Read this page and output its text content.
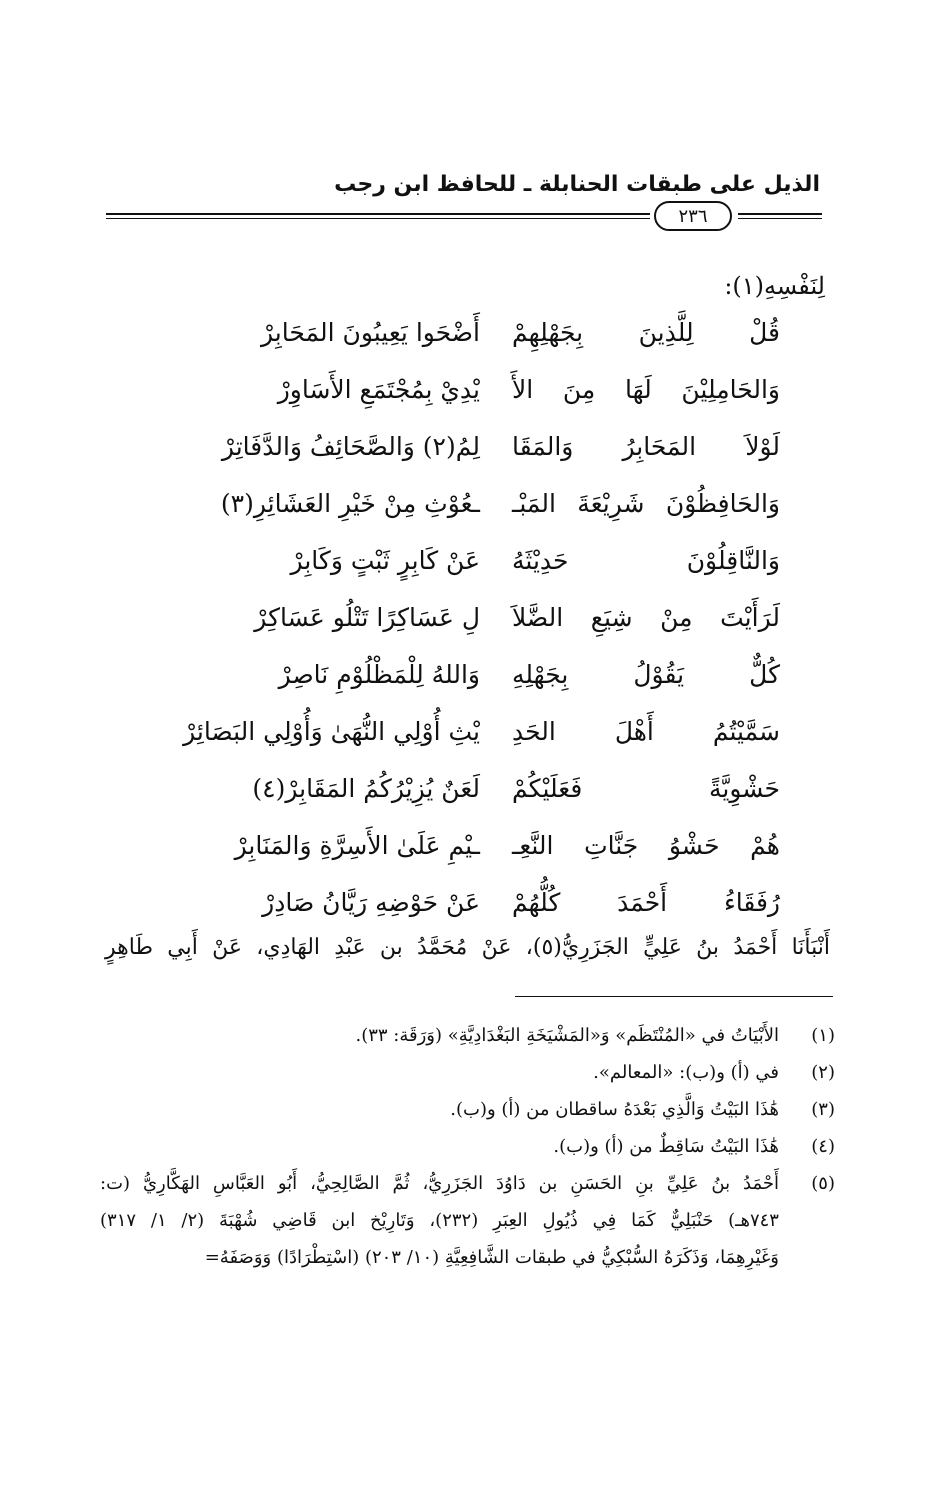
الذيل على طبقات الحنابلة ـ للحافظ ابن رجب
٢٣٦
لِنَفْسِهِ(١):
قُلْ لِلَّذِينَ بِجَهْلِهِمْ
أَضْحَوا يَعِيبُونَ المَحَابِرْ
وَالحَامِلِيْنَ لَهَا مِنَ الأَ
يْدِيْ بِمُجْتَمَعِ الأَسَاوِرْ
لَوْلاَ المَحَابِرُ وَالمَقَا
لِمُ(٢) وَالصَّحَائِفُ وَالدَّفَاتِرْ
وَالحَافِظُوْنَ شَرِيْعَةَ المَبْـ
ـعُوْثِ مِنْ خَيْرِ العَشَائِرِ(٣)
وَالنَّاقِلُوْنَ حَدِيْثَهُ
عَنْ كَابِرٍ ثَبْتٍ وَكَابِرْ
لَرَأَيْتَ مِنْ شِيَعِ الضَّلاَ
لِ عَسَاكِرًا تَتْلُو عَسَاكِرْ
كُلٌّ يَقُوْلُ بِجَهْلِهِ
وَاللهُ لِلْمَظْلُوْمِ نَاصِرْ
سَمَّيْتُمُ أَهْلَ الحَدِ
يْثِ أُوْلِي النُّهَىٰ وَأُوْلِي البَصَائِرْ
حَشْوِيَّةً فَعَلَيْكُمْ
لَعَنٌ يُزِيْرُكُمُ المَقَابِرْ(٤)
هُمْ حَشْوُ جَنَّاتِ النَّعِـ
ـيْمِ عَلَىٰ الأَسِرَّةِ وَالمَنَابِرْ
رُفَقَاءُ أَحْمَدَ كُلُّهُمْ
عَنْ حَوْضِهِ رَيَّانُ صَادِرْ
أَنْبَأَنَا أَحْمَدُ بنُ عَلِيٍّ الجَزَرِيُّ(٥)، عَنْ مُحَمَّدُ بن عَبْدِ الهَادِي، عَنْ أَبِي طَاهِرٍ
(١)
الأَبْيَاتُ في «المُنْتَظَم» وَ«المَشْيَخَةِ البَغْدَادِيَّةِ» (وَرَقَة: ٣٣).
(٢)
في (أ) و(ب): «المعالم».
(٣)
هَٰذَا البَيْتُ وَالَّذِي بَعْدَهُ ساقطان من (أ) و(ب).
(٤)
هَٰذَا البَيْتُ سَاقِطٌ من (أ) و(ب).
(٥)
أَحْمَدُ بنُ عَلِيِّ بنِ الحَسَنِ بن دَاوُدَ الجَزَرِيُّ، ثُمَّ الصَّالِحِيُّ، أَبُو العَبَّاسِ الهَكَّارِيُّ (ت:
٧٤٣هـ) حَنْبَلِيٌّ كَمَا فِي ذُيُولِ العِبَرِ (٢٣٢)، وَتَارِيْخ ابن قَاضِي شُهْبَةَ (٢/ ١/ ٣١٧)
وَغَيْرِهِمَا، وَذَكَرَهُ السُّبْكِيُّ في طبقات الشَّافِعِيَّةِ (١٠/ ٢٠٣) (اسْتِطْرَادًا) وَوَصَفَهُ=
